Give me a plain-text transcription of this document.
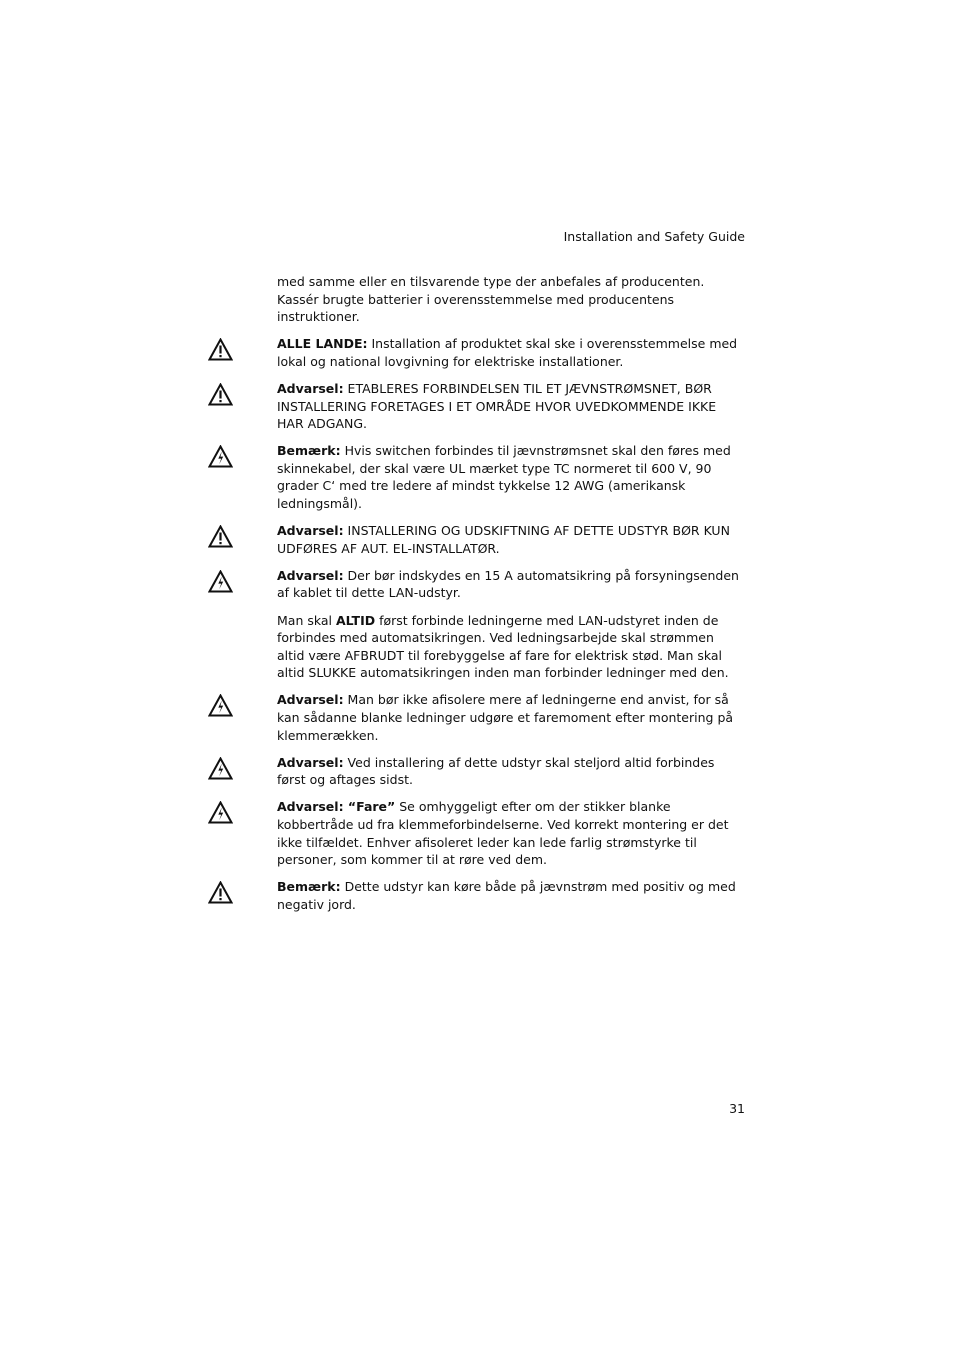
Installation and Safety Guide

med samme eller en tilsvarende type der anbefales af producenten. Kassér brugte batterier i overensstemmelse med producentens instruktioner.

ALLE LANDE: Installation af produktet skal ske i overensstemmelse med lokal og national lovgivning for elektriske installationer.

Advarsel: ETABLERES FORBINDELSEN TIL ET JÆVNSTRØMSNET, BØR INSTALLERING FORETAGES I ET OMRÅDE HVOR UVEDKOMMENDE IKKE HAR ADGANG.

Bemærk: Hvis switchen forbindes til jævnstrømsnet skal den føres med skinnekabel, der skal være UL mærket type TC normeret til 600 V, 90 grader C‘ med tre ledere af mindst tykkelse 12 AWG (amerikansk ledningsmål).

Advarsel: INSTALLERING OG UDSKIFTNING AF DETTE UDSTYR BØR KUN UDFØRES AF AUT. EL-INSTALLATØR.

Advarsel: Der bør indskydes en 15 A automatsikring på forsyningsenden af kablet til dette LAN-udstyr.

Man skal ALTID først forbinde ledningerne med LAN-udstyret inden de forbindes med automatsikringen. Ved ledningsarbejde skal strømmen altid være AFBRUDT til forebyggelse af fare for elektrisk stød. Man skal altid SLUKKE automatsikringen inden man forbinder ledninger med den.

Advarsel: Man bør ikke afisolere mere af ledningerne end anvist, for så kan sådanne blanke ledninger udgøre et faremoment efter montering på klemmerækken.

Advarsel: Ved installering af dette udstyr skal steljord altid forbindes først og aftages sidst.

Advarsel: “Fare” Se omhyggeligt efter om der stikker blanke kobbertråde ud fra klemmeforbindelserne. Ved korrekt montering er det ikke tilfældet. Enhver afisoleret leder kan lede farlig strømstyrke til personer, som kommer til at røre ved dem.

Bemærk: Dette udstyr kan køre både på jævnstrøm med positiv og med negativ jord.

31
